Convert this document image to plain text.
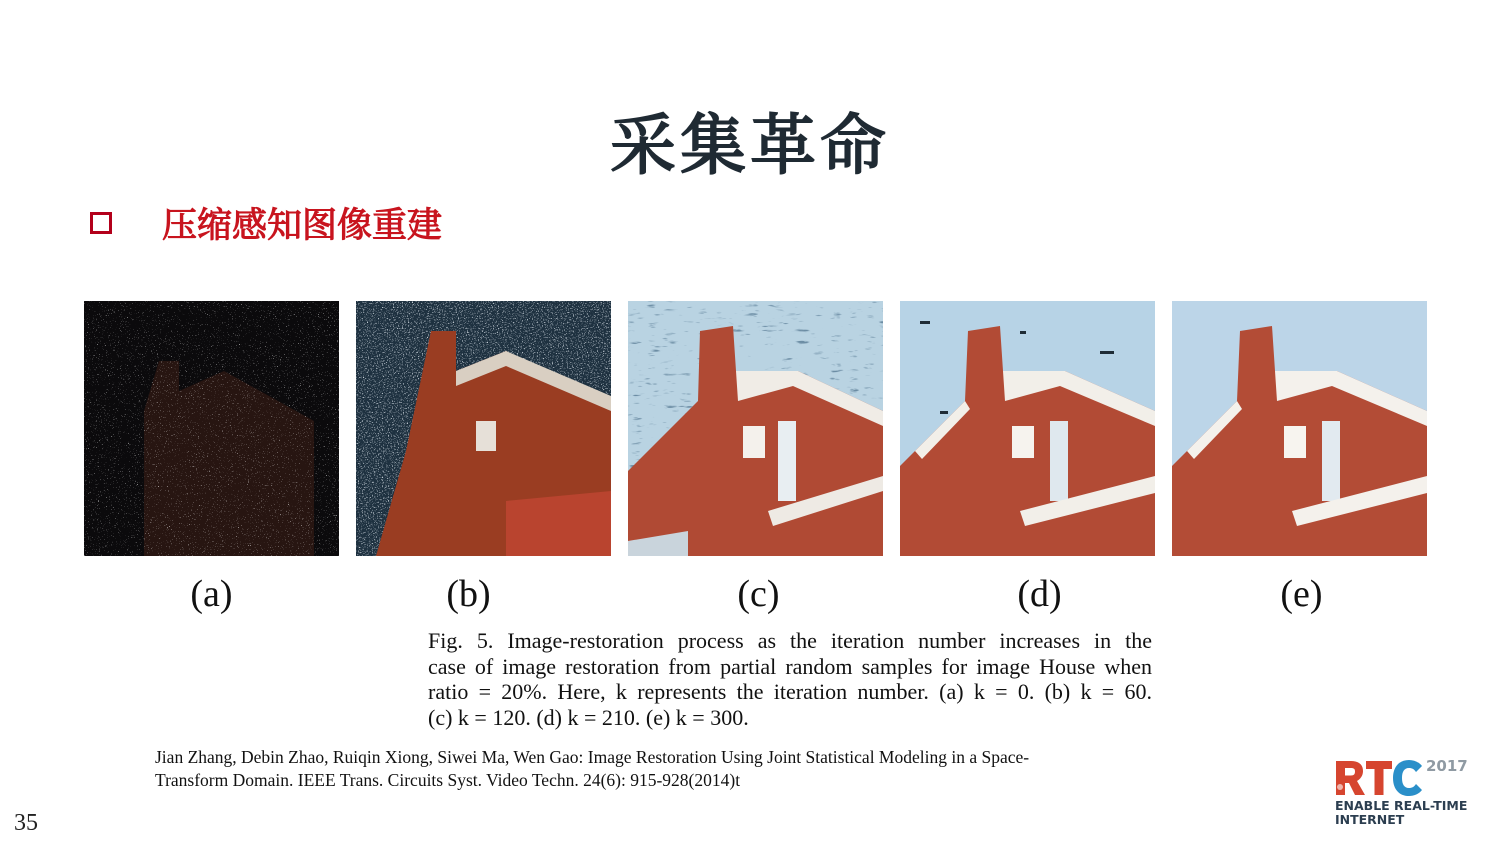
采集革命
压缩感知图像重建
(a)	(b)	(c)	(d)	(e)
Fig. 5. Image-restoration process as the iteration number increases in the
case of image restoration from partial random samples for image House when
ratio = 20%. Here, k represents the iteration number. (a) k = 0. (b) k = 60.
(c) k = 120. (d) k = 210. (e) k = 300.
Jian Zhang, Debin Zhao, Ruiqin Xiong, Siwei Ma, Wen Gao: Image Restoration Using Joint Statistical Modeling in a Space-
Transform Domain. IEEE Trans. Circuits Syst. Video Techn. 24(6): 915-928(2014)t
35
2017
ENABLE REAL-TIME
INTERNET
